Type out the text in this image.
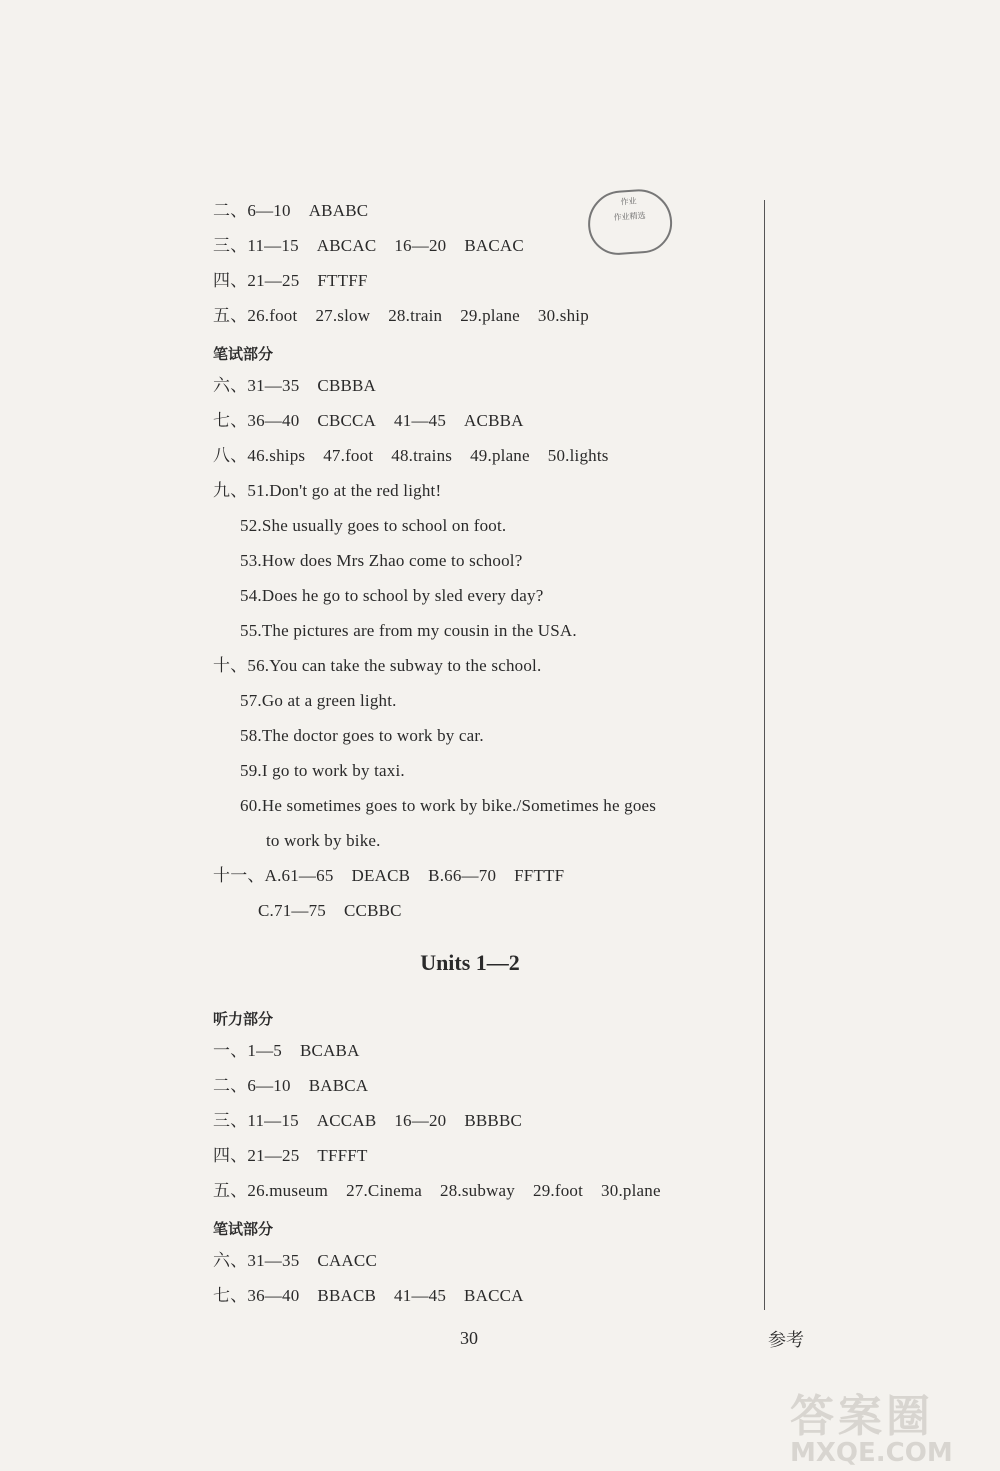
二、6—10 ABABC
三、11—15 ABCAC 16—20 BACAC
四、21—25 FTTFF
五、26.foot 27.slow 28.train 29.plane 30.ship
笔试部分
六、31—35 CBBBA
七、36—40 CBCCA 41—45 ACBBA
八、46.ships 47.foot 48.trains 49.plane 50.lights
九、51.Don't go at the red light!
52.She usually goes to school on foot.
53.How does Mrs Zhao come to school?
54.Does he go to school by sled every day?
55.The pictures are from my cousin in the USA.
十、56.You can take the subway to the school.
57.Go at a green light.
58.The doctor goes to work by car.
59.I go to work by taxi.
60.He sometimes goes to work by bike./Sometimes he goes
to work by bike.
十一、A.61—65 DEACB B.66—70 FFTTF
C.71—75 CCBBC
Units 1—2
听力部分
一、1—5 BCABA
二、6—10 BABCA
三、11—15 ACCAB 16—20 BBBBC
四、21—25 TFFFT
五、26.museum 27.Cinema 28.subway 29.foot 30.plane
笔试部分
六、31—35 CAACC
七、36—40 BBACB 41—45 BACCA
作业
作业精选
30	参考
答案圈
MXQE.COM
